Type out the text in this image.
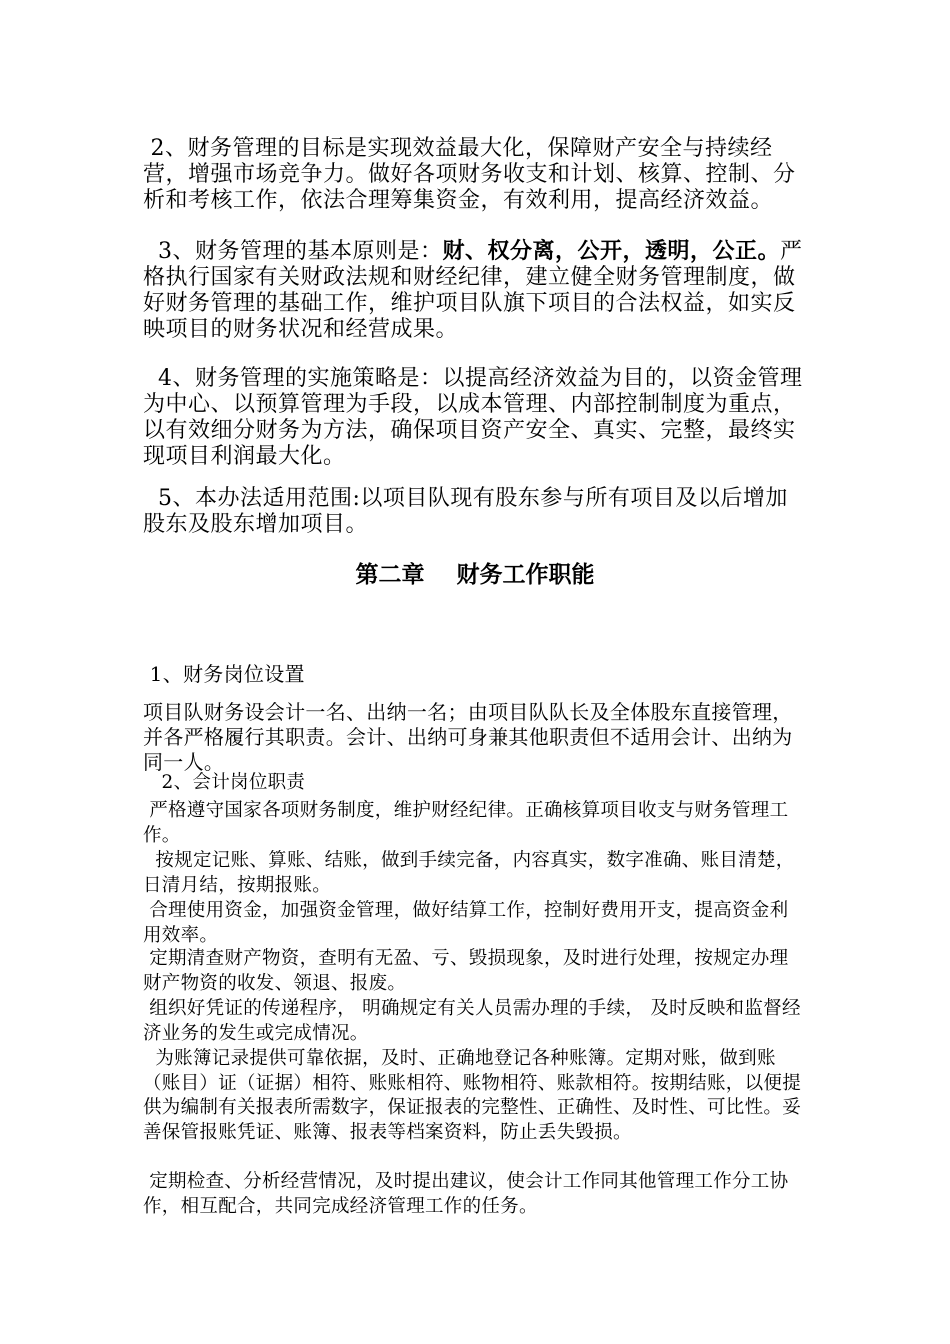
2、财务管理的目标是实现效益最大化，保障财产安全与持续经营，增强市场竞争力。做好各项财务收支和计划、核算、控制、分析和考核工作，依法合理筹集资金，有效利用，提高经济效益。

3、财务管理的基本原则是：财、权分离，公开，透明，公正。严格执行国家有关财政法规和财经纪律，建立健全财务管理制度，做好财务管理的基础工作，维护项目队旗下项目的合法权益，如实反映项目的财务状况和经营成果。

4、财务管理的实施策略是：以提高经济效益为目的，以资金管理为中心、以预算管理为手段，以成本管理、内部控制制度为重点，以有效细分财务为方法，确保项目资产安全、真实、完整，最终实现项目利润最大化。

5、本办法适用范围:以项目队现有股东参与所有项目及以后增加股东及股东增加项目。

第二章    财务工作职能

1、财务岗位设置

项目队财务设会计一名、出纳一名；由项目队队长及全体股东直接管理，并各严格履行其职责。会计、出纳可身兼其他职责但不适用会计、出纳为同一人。

2、会计岗位职责

严格遵守国家各项财务制度，维护财经纪律。正确核算项目收支与财务管理工作。

按规定记账、算账、结账，做到手续完备，内容真实，数字准确、账目清楚， 日清月结，按期报账。

合理使用资金，加强资金管理，做好结算工作，控制好费用开支，提高资金利用效率。

定期清查财产物资，查明有无盈、亏、毁损现象，及时进行处理，按规定办理财产物资的收发、领退、报废。

组织好凭证的传递程序， 明确规定有关人员需办理的手续， 及时反映和监督经济业务的发生或完成情况。

为账簿记录提供可靠依据，及时、正确地登记各种账簿。定期对账，做到账（账目）证（证据）相符、账账相符、账物相符、账款相符。按期结账，以便提供为编制有关报表所需数字，保证报表的完整性、正确性、及时性、可比性。妥善保管报账凭证、账簿、报表等档案资料，防止丢失毁损。

定期检查、分析经营情况，及时提出建议，使会计工作同其他管理工作分工协作，相互配合，共同完成经济管理工作的任务。
